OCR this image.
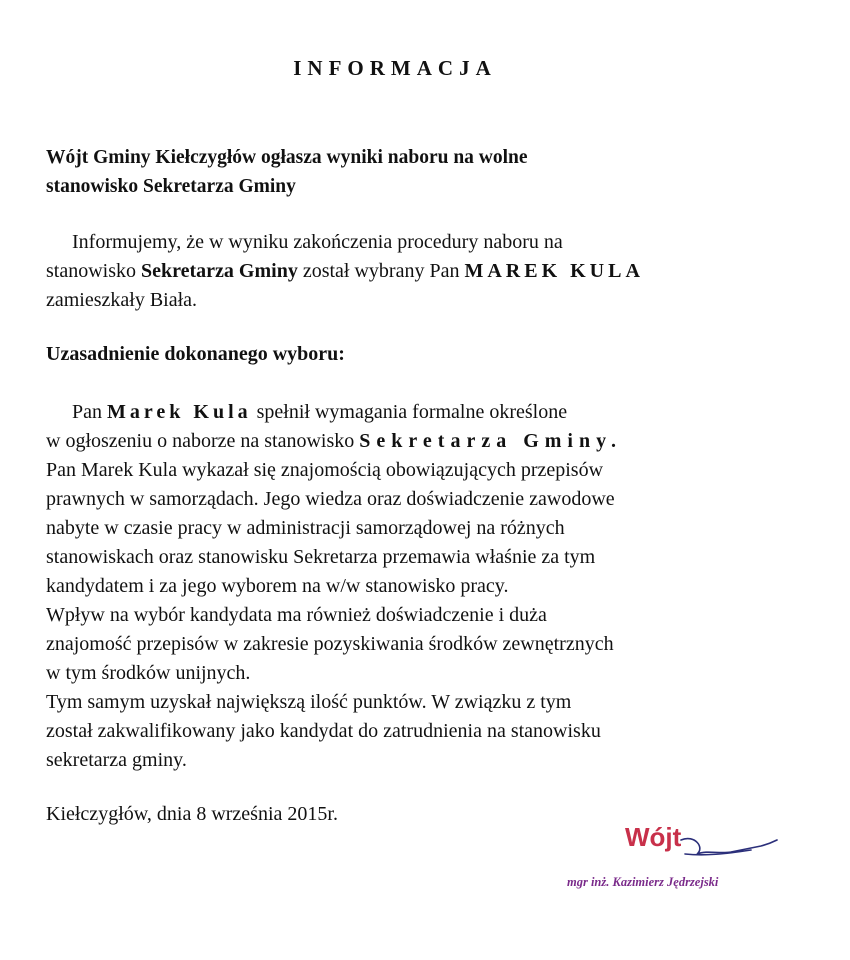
INFORMACJA
Wójt Gminy Kiełczygłów ogłasza wyniki naboru na wolne
stanowisko Sekretarza Gminy
Informujemy, że w wyniku zakończenia procedury naboru na
stanowisko Sekretarza Gminy został wybrany Pan MAREK KULA
zamieszkały Biała.
Uzasadnienie dokonanego wyboru:
Pan Marek Kula spełnił wymagania formalne określone
w ogłoszeniu o naborze na stanowisko Sekretarza Gminy.
Pan Marek Kula wykazał się znajomością obowiązujących przepisów
prawnych w samorządach. Jego wiedza oraz doświadczenie zawodowe
nabyte w czasie pracy w administracji samorządowej na różnych
stanowiskach oraz stanowisku Sekretarza przemawia właśnie za tym
kandydatem i za jego wyborem na w/w stanowisko pracy.
Wpływ na wybór kandydata ma również doświadczenie i duża
znajomość przepisów w zakresie pozyskiwania środków zewnętrznych
w tym środków unijnych.
Tym samym uzyskał największą ilość punktów. W związku z tym
został zakwalifikowany jako kandydat do zatrudnienia na stanowisku
sekretarza gminy.
Kiełczygłów, dnia 8 września 2015r.
Wójt
mgr inż. Kazimierz Jędrzejski
